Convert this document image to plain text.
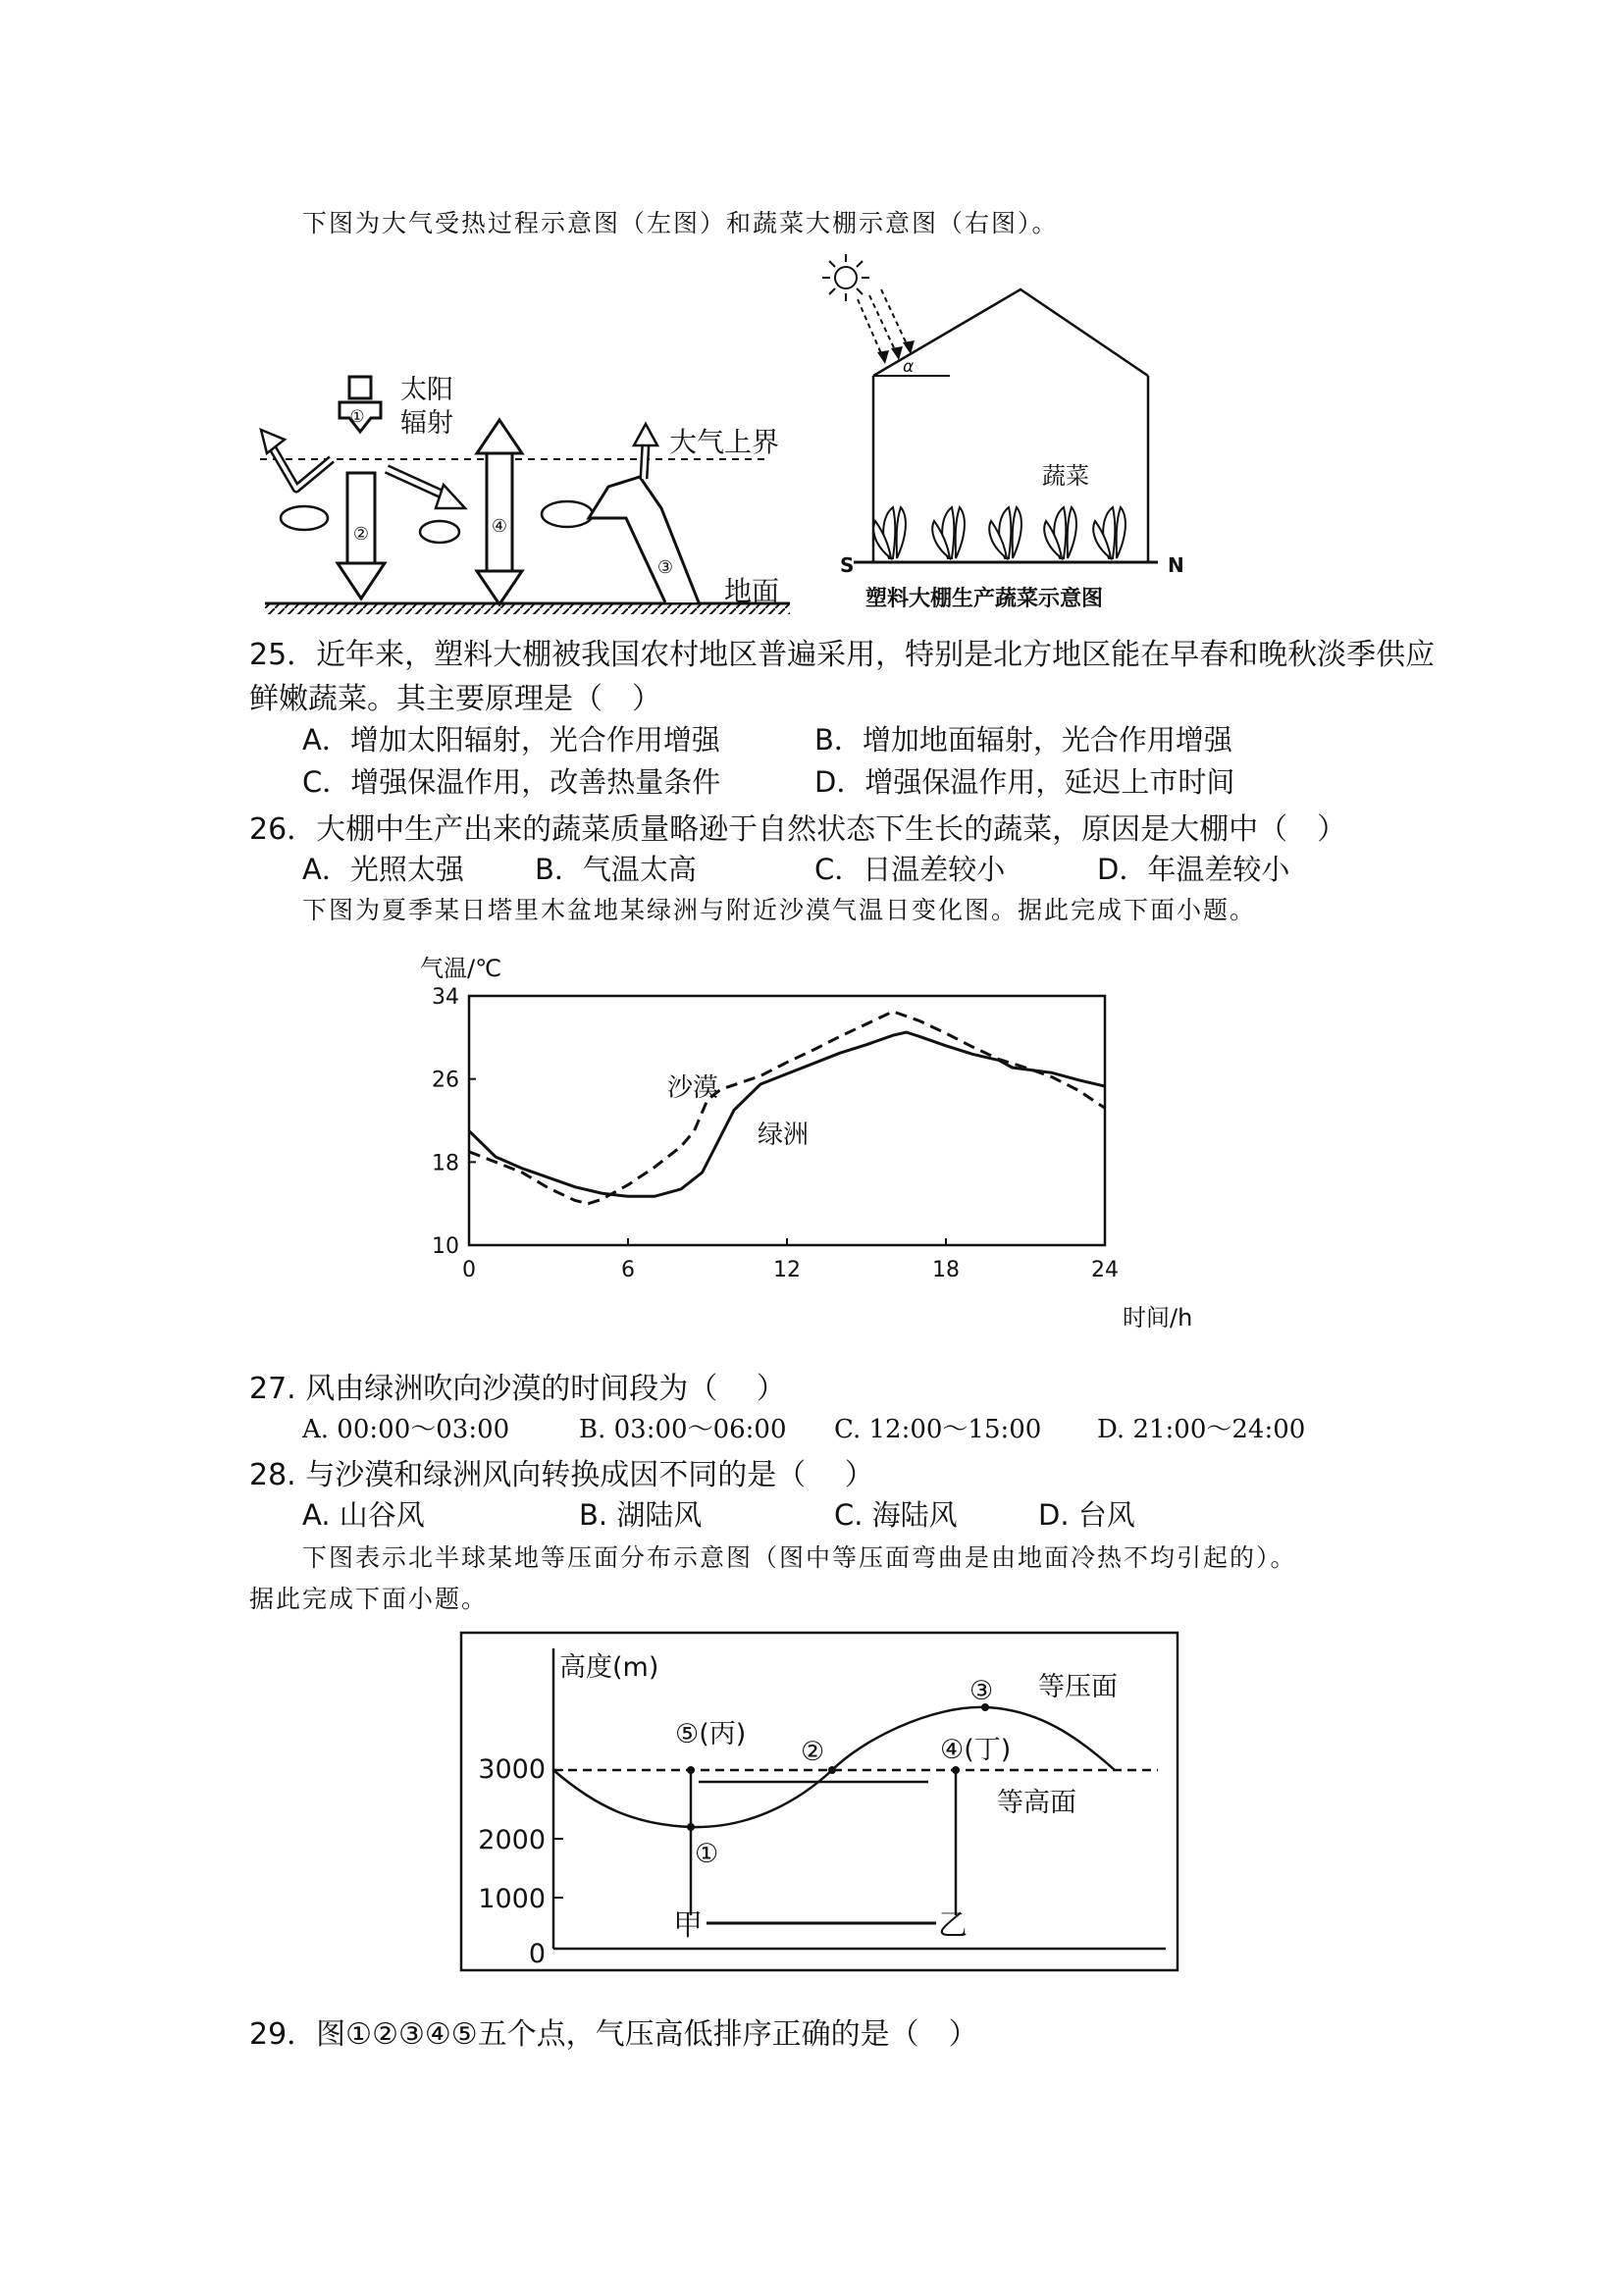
下图为大气受热过程示意图（左图）和蔬菜大棚示意图（右图）。
①
太阳
辐射
②	④
③
大气上界
地面
α
蔬菜
S	N
塑料大棚生产蔬菜示意图
25．近年来，塑料大棚被我国农村地区普遍采用，特别是北方地区能在早春和晚秋淡季供应
鲜嫩蔬菜。其主要原理是（　）
A．增加太阳辐射，光合作用增强	B．增加地面辐射，光合作用增强
C．增强保温作用，改善热量条件	D．增强保温作用，延迟上市时间
26．大棚中生产出来的蔬菜质量略逊于自然状态下生长的蔬菜，原因是大棚中（　）
A．光照太强 B．气温太高	C．日温差较小	D．年温差较小
下图为夏季某日塔里木盆地某绿洲与附近沙漠气温日变化图。据此完成下面小题。
气温/℃
时间/h
0	6	12	18	24
10
18
26
34
沙漠
绿洲
27. 风由绿洲吹向沙漠的时间段为（　 ）
A. 00:00～03:00	B. 03:00～06:00 C. 12:00～15:00 D. 21:00～24:00
28. 与沙漠和绿洲风向转换成因不同的是（　 ）
A. 山谷风	B. 湖陆风	C. 海陆风	D. 台风
下图表示北半球某地等压面分布示意图（图中等压面弯曲是由地面冷热不均引起的）。
据此完成下面小题。
高度(m)
3000
2000
1000
0
①
②
③
④(丁)
⑤(丙)
等压面
等高面
甲	乙
29．图①②③④⑤五个点，气压高低排序正确的是（　）
